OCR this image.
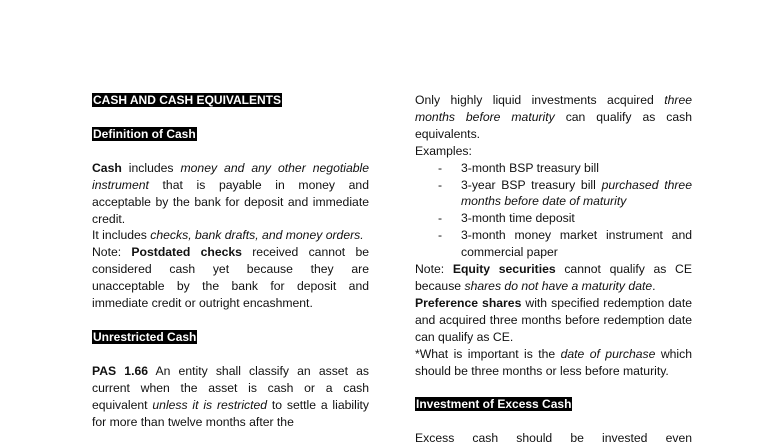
CASH AND CASH EQUIVALENTS

Definition of Cash

Cash includes money and any other negotiable instrument that is payable in money and acceptable by the bank for deposit and immediate credit.

It includes checks, bank drafts, and money orders.

Note: Postdated checks received cannot be considered cash yet because they are unacceptable by the bank for deposit and immediate credit or outright encashment.

Unrestricted Cash

PAS 1.66 An entity shall classify an asset as current when the asset is cash or a cash equivalent unless it is restricted to settle a liability for more than twelve months after the

Only highly liquid investments acquired three months before maturity can qualify as cash equivalents.

Examples:

- 3-month BSP treasury bill
- 3-year BSP treasury bill purchased three months before date of maturity
- 3-month time deposit
- 3-month money market instrument and commercial paper

Note: Equity securities cannot qualify as CE because shares do not have a maturity date.

Preference shares with specified redemption date and acquired three months before redemption date can qualify as CE.

*What is important is the date of purchase which should be three months or less before maturity.

Investment of Excess Cash

Excess cash should be invested even
